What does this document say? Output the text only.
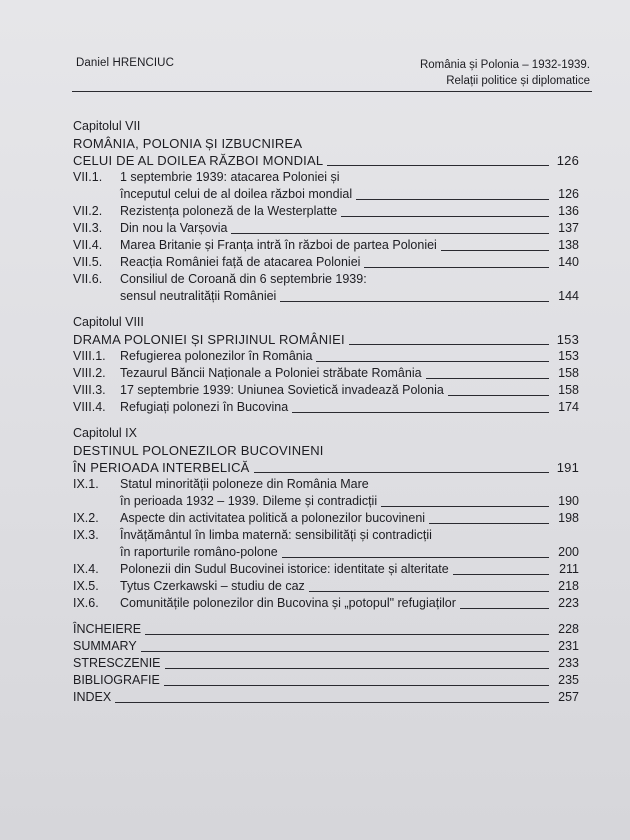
Daniel HRENCIUC	România și Polonia – 1932-1939.
Relații politice și diplomatice
Capitolul VII
ROMÂNIA, POLONIA ȘI IZBUCNIREA
CELUI DE AL DOILEA RĂZBOI MONDIAL	126
VII.1.	1 septembrie 1939: atacarea Poloniei și
începutul celui de al doilea război mondial	126
VII.2.	Rezistența poloneză de la Westerplatte	136
VII.3.	Din nou la Varșovia	137
VII.4.	Marea Britanie și Franța intră în război de partea Poloniei	138
VII.5.	Reacția României față de atacarea Poloniei	140
VII.6.	Consiliul de Coroană din 6 septembrie 1939:
sensul neutralității României	144
Capitolul VIII
DRAMA POLONIEI ȘI SPRIJINUL ROMÂNIEI	153
VIII.1.	Refugierea polonezilor în România	153
VIII.2.	Tezaurul Băncii Naționale a Poloniei străbate România	158
VIII.3.	17 septembrie 1939: Uniunea Sovietică invadează Polonia	158
VIII.4.	Refugiați polonezi în Bucovina	174
Capitolul IX
DESTINUL POLONEZILOR BUCOVINENI
ÎN PERIOADA INTERBELICĂ	191
IX.1.	Statul minorității poloneze din România Mare
în perioada 1932 – 1939. Dileme și contradicții	190
IX.2.	Aspecte din activitatea politică a polonezilor bucovineni	198
IX.3.	Învățământul în limba maternă: sensibilități și contradicții
în raporturile româno-polone	200
IX.4.	Polonezii din Sudul Bucovinei istorice: identitate și alteritate	211
IX.5.	Tytus Czerkawski – studiu de caz	218
IX.6.	Comunitățile polonezilor din Bucovina și „potopul" refugiaților	223
ÎNCHEIERE	228
SUMMARY	231
STRESCZENIE	233
BIBLIOGRAFIE	235
INDEX	257
